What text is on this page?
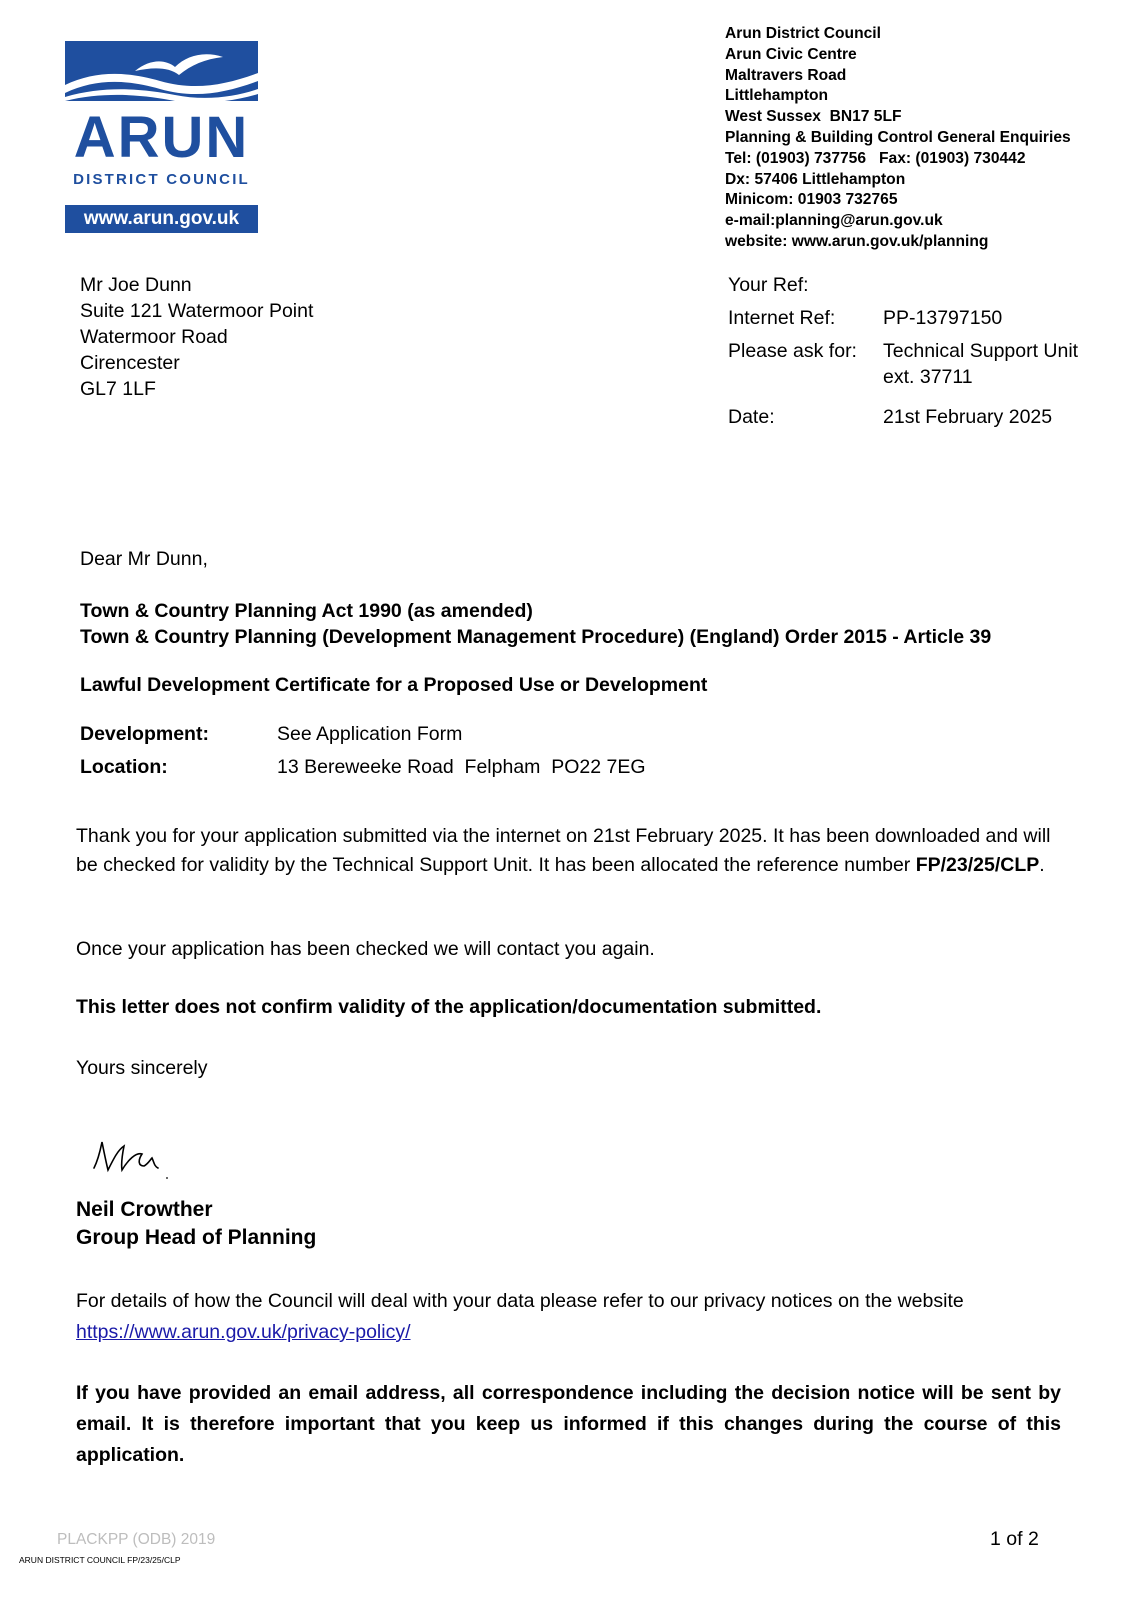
ARUN
DISTRICT COUNCIL
www.arun.gov.uk
Arun District Council
Arun Civic Centre
Maltravers Road
Littlehampton
West Sussex  BN17 5LF
Planning & Building Control General Enquiries
Tel: (01903) 737756   Fax: (01903) 730442
Dx: 57406 Littlehampton
Minicom: 01903 732765
e-mail:planning@arun.gov.uk
website: www.arun.gov.uk/planning
Mr Joe Dunn
Suite 121 Watermoor Point
Watermoor Road
Cirencester
GL7 1LF
Your Ref:
Internet Ref: PP-13797150
Please ask for: Technical Support Unit
ext. 37711
Date:	21st February 2025
Dear Mr Dunn,
Town & Country Planning Act 1990 (as amended)
Town & Country Planning (Development Management Procedure) (England) Order 2015 - Article 39
Lawful Development Certificate for a Proposed Use or Development
Development:	See Application Form
Location:	13 Bereweeke Road  Felpham  PO22 7EG
Thank you for your application submitted via the internet on 21st February 2025. It has been downloaded and will be checked for validity by the Technical Support Unit. It has been allocated the reference number FP/23/25/CLP.
Once your application has been checked we will contact you again.
This letter does not confirm validity of the application/documentation submitted.
Yours sincerely
Neil Crowther
Group Head of Planning
For details of how the Council will deal with your data please refer to our privacy notices on the website
https://www.arun.gov.uk/privacy-policy/
If you have provided an email address, all correspondence including the decision notice will be sent by email. It is therefore important that you keep us informed if this changes during the course of this application.
PLACKPP (ODB) 2019	1 of 2
ARUN DISTRICT COUNCIL FP/23/25/CLP
